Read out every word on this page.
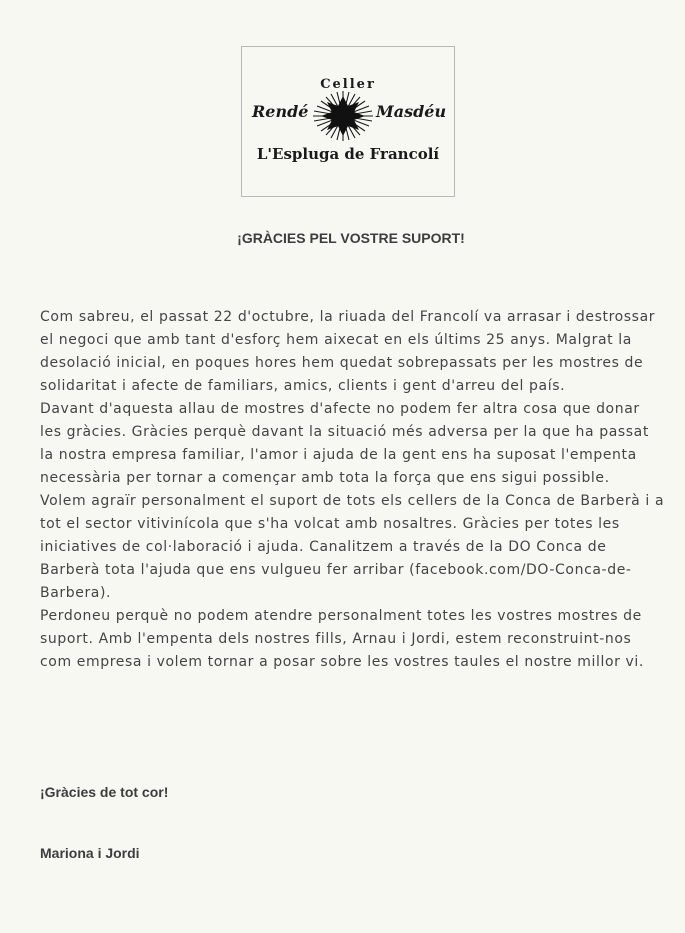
Celler
Rendé	Masdéu
L'Espluga de Francolí
¡GRÀCIES PEL VOSTRE SUPORT!

Com sabreu, el passat 22 d'octubre, la riuada del Francolí va arrasar i destrossar el negoci que amb tant d'esforç hem aixecat en els últims 25 anys. Malgrat la desolació inicial, en poques hores hem quedat sobrepassats per les mostres de solidaritat i afecte de familiars, amics, clients i gent d'arreu del país.

Davant d'aquesta allau de mostres d'afecte no podem fer altra cosa que donar les gràcies. Gràcies perquè davant la situació més adversa per la que ha passat la nostra empresa familiar, l'amor i ajuda de la gent ens ha suposat l'empenta necessària per tornar a començar amb tota la força que ens sigui possible.

Volem agraïr personalment el suport de tots els cellers de la Conca de Barberà i a tot el sector vitivinícola que s'ha volcat amb nosaltres. Gràcies per totes les iniciatives de col·laboració i ajuda. Canalitzem a través de la DO Conca de Barberà tota l'ajuda que ens vulgueu fer arribar (facebook.com/DO-Conca-de-Barbera).

Perdoneu perquè no podem atendre personalment totes les vostres mostres de suport. Amb l'empenta dels nostres fills, Arnau i Jordi, estem reconstruint-nos com empresa i volem tornar a posar sobre les vostres taules el nostre millor vi.

¡Gràcies de tot cor!
Mariona i Jordi
